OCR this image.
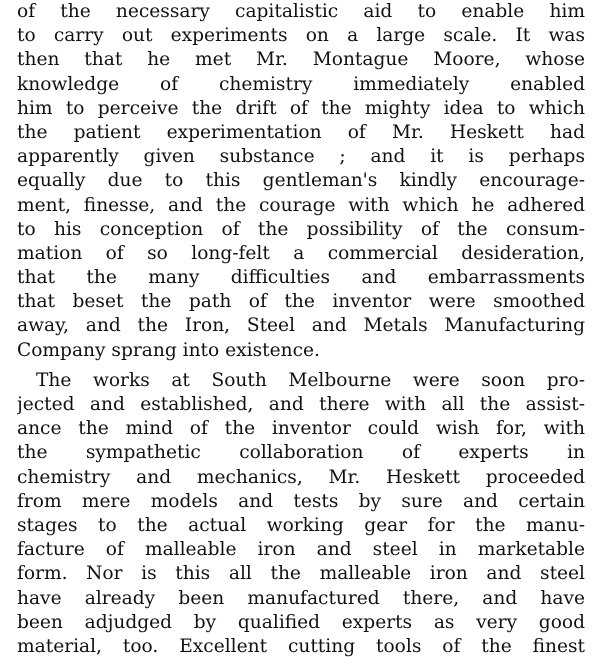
of the necessary capitalistic aid to enable him
to carry out experiments on a large scale. It was
then that he met Mr. Montague Moore, whose
knowledge of chemistry immediately enabled
him to perceive the drift of the mighty idea to which
the patient experimentation of Mr. Heskett had
apparently given substance ; and it is perhaps
equally due to this gentleman's kindly encourage-
ment, finesse, and the courage with which he adhered
to his conception of the possibility of the consum-
mation of so long-felt a commercial desideration,
that the many difficulties and embarrassments
that beset the path of the inventor were smoothed
away, and the Iron, Steel and Metals Manufacturing
Company sprang into existence.
The works at South Melbourne were soon pro-
jected and established, and there with all the assist-
ance the mind of the inventor could wish for, with
the sympathetic collaboration of experts in
chemistry and mechanics, Mr. Heskett proceeded
from mere models and tests by sure and certain
stages to the actual working gear for the manu-
facture of malleable iron and steel in marketable
form. Nor is this all the malleable iron and steel
have already been manufactured there, and have
been adjudged by qualified experts as very good
material, too. Excellent cutting tools of the finest
